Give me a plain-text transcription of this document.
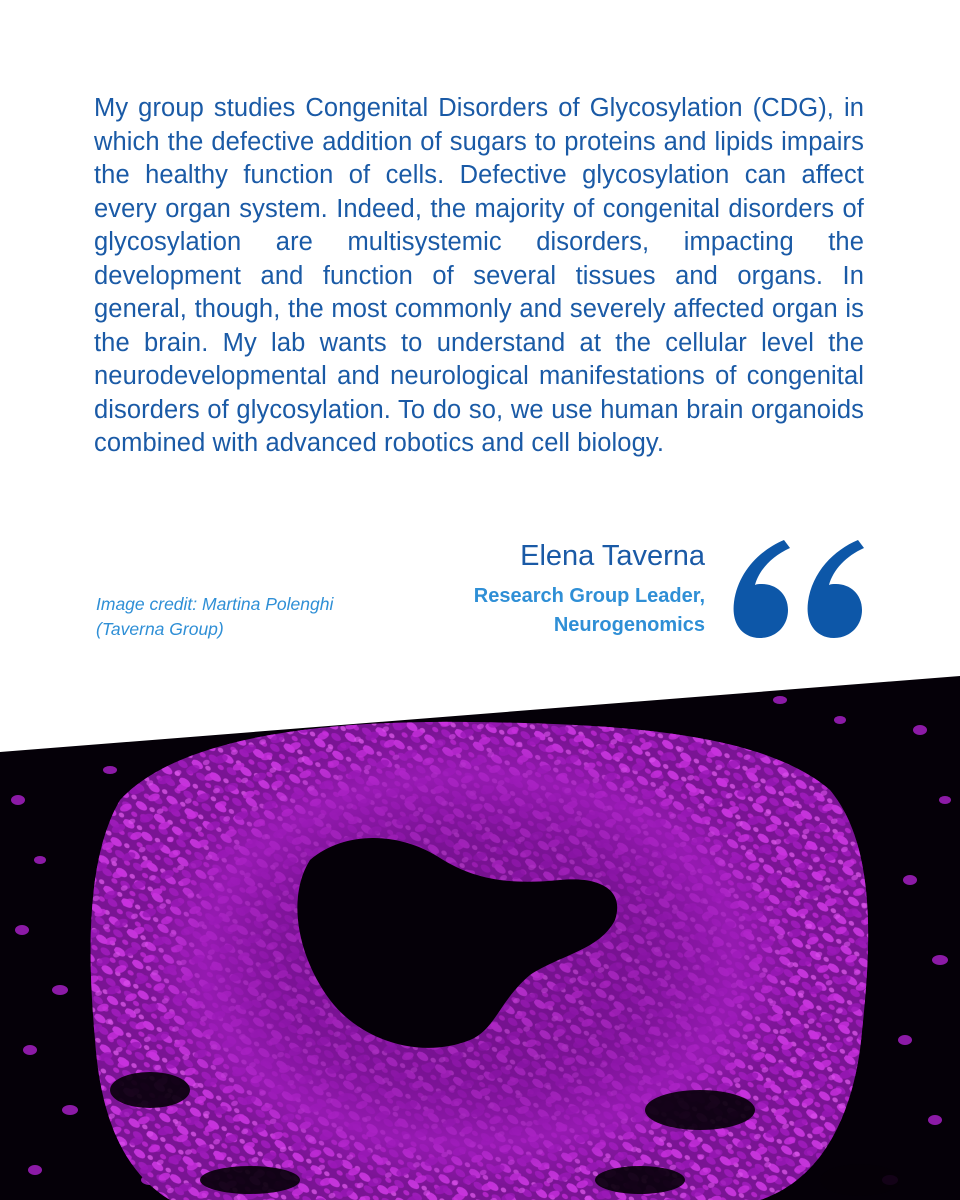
My group studies Congenital Disorders of Glycosylation (CDG), in which the defective addition of sugars to proteins and lipids impairs the healthy function of cells. Defective glycosylation can affect every organ system. Indeed, the majority of congenital disorders of glycosylation are multisystemic disorders, impacting the development and function of several tissues and organs. In general, though, the most commonly and severely affected organ is the brain. My lab wants to understand at the cellular level the neurodevelopmental and neurological manifestations of congenital disorders of glycosylation. To do so, we use human brain organoids combined with advanced robotics and cell biology.

Image credit: Martina Polenghi (Taverna Group)

Elena Taverna

Research Group Leader,
Neurogenomics
